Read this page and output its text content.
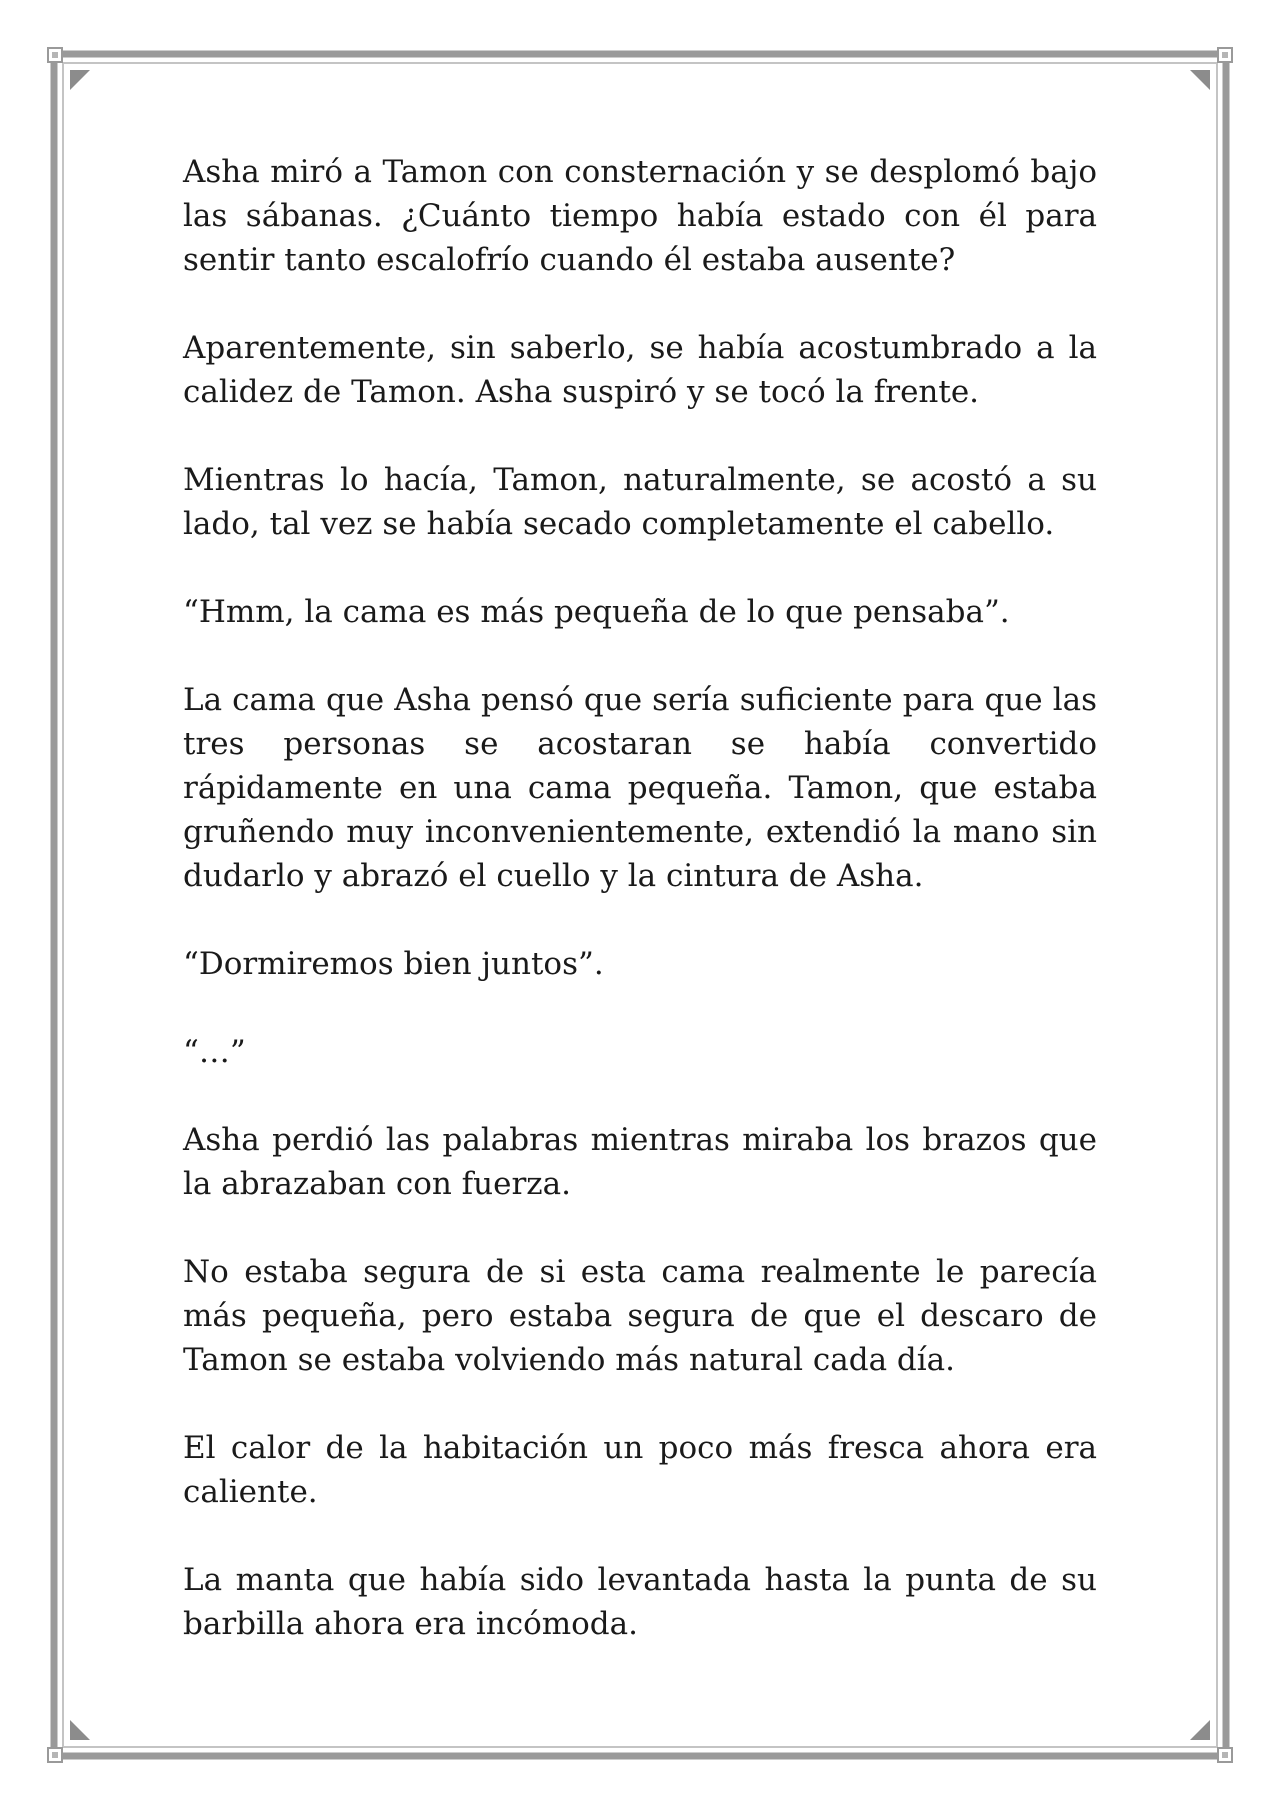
Asha miró a Tamon con consternación y se desplomó bajo las sábanas. ¿Cuánto tiempo había estado con él para sentir tanto escalofrío cuando él estaba ausente?

Aparentemente, sin saberlo, se había acostumbrado a la calidez de Tamon. Asha suspiró y se tocó la frente.

Mientras lo hacía, Tamon, naturalmente, se acostó a su lado, tal vez se había secado completamente el cabello.

“Hmm, la cama es más pequeña de lo que pensaba”.

La cama que Asha pensó que sería suficiente para que las tres personas se acostaran se había convertido rápidamente en una cama pequeña. Tamon, que estaba gruñendo muy inconvenientemente, extendió la mano sin dudarlo y abrazó el cuello y la cintura de Asha.

“Dormiremos bien juntos”.

“…”

Asha perdió las palabras mientras miraba los brazos que la abrazaban con fuerza.

No estaba segura de si esta cama realmente le parecía más pequeña, pero estaba segura de que el descaro de Tamon se estaba volviendo más natural cada día.

El calor de la habitación un poco más fresca ahora era caliente.

La manta que había sido levantada hasta la punta de su barbilla ahora era incómoda.
